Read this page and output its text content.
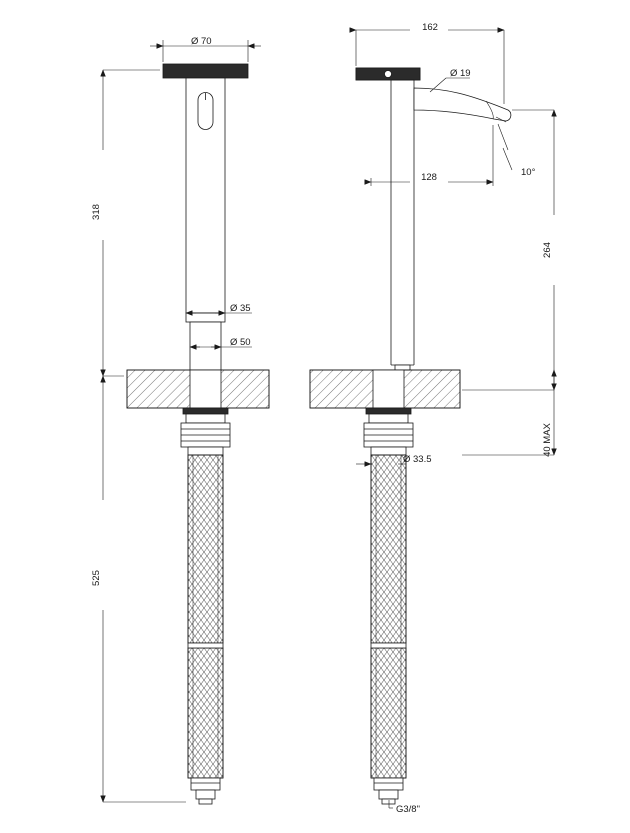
Ø 70
318
Ø 35
Ø 50
525
162
Ø 19
128	10°
264
40 MAX
Ø 33.5
G3/8"
